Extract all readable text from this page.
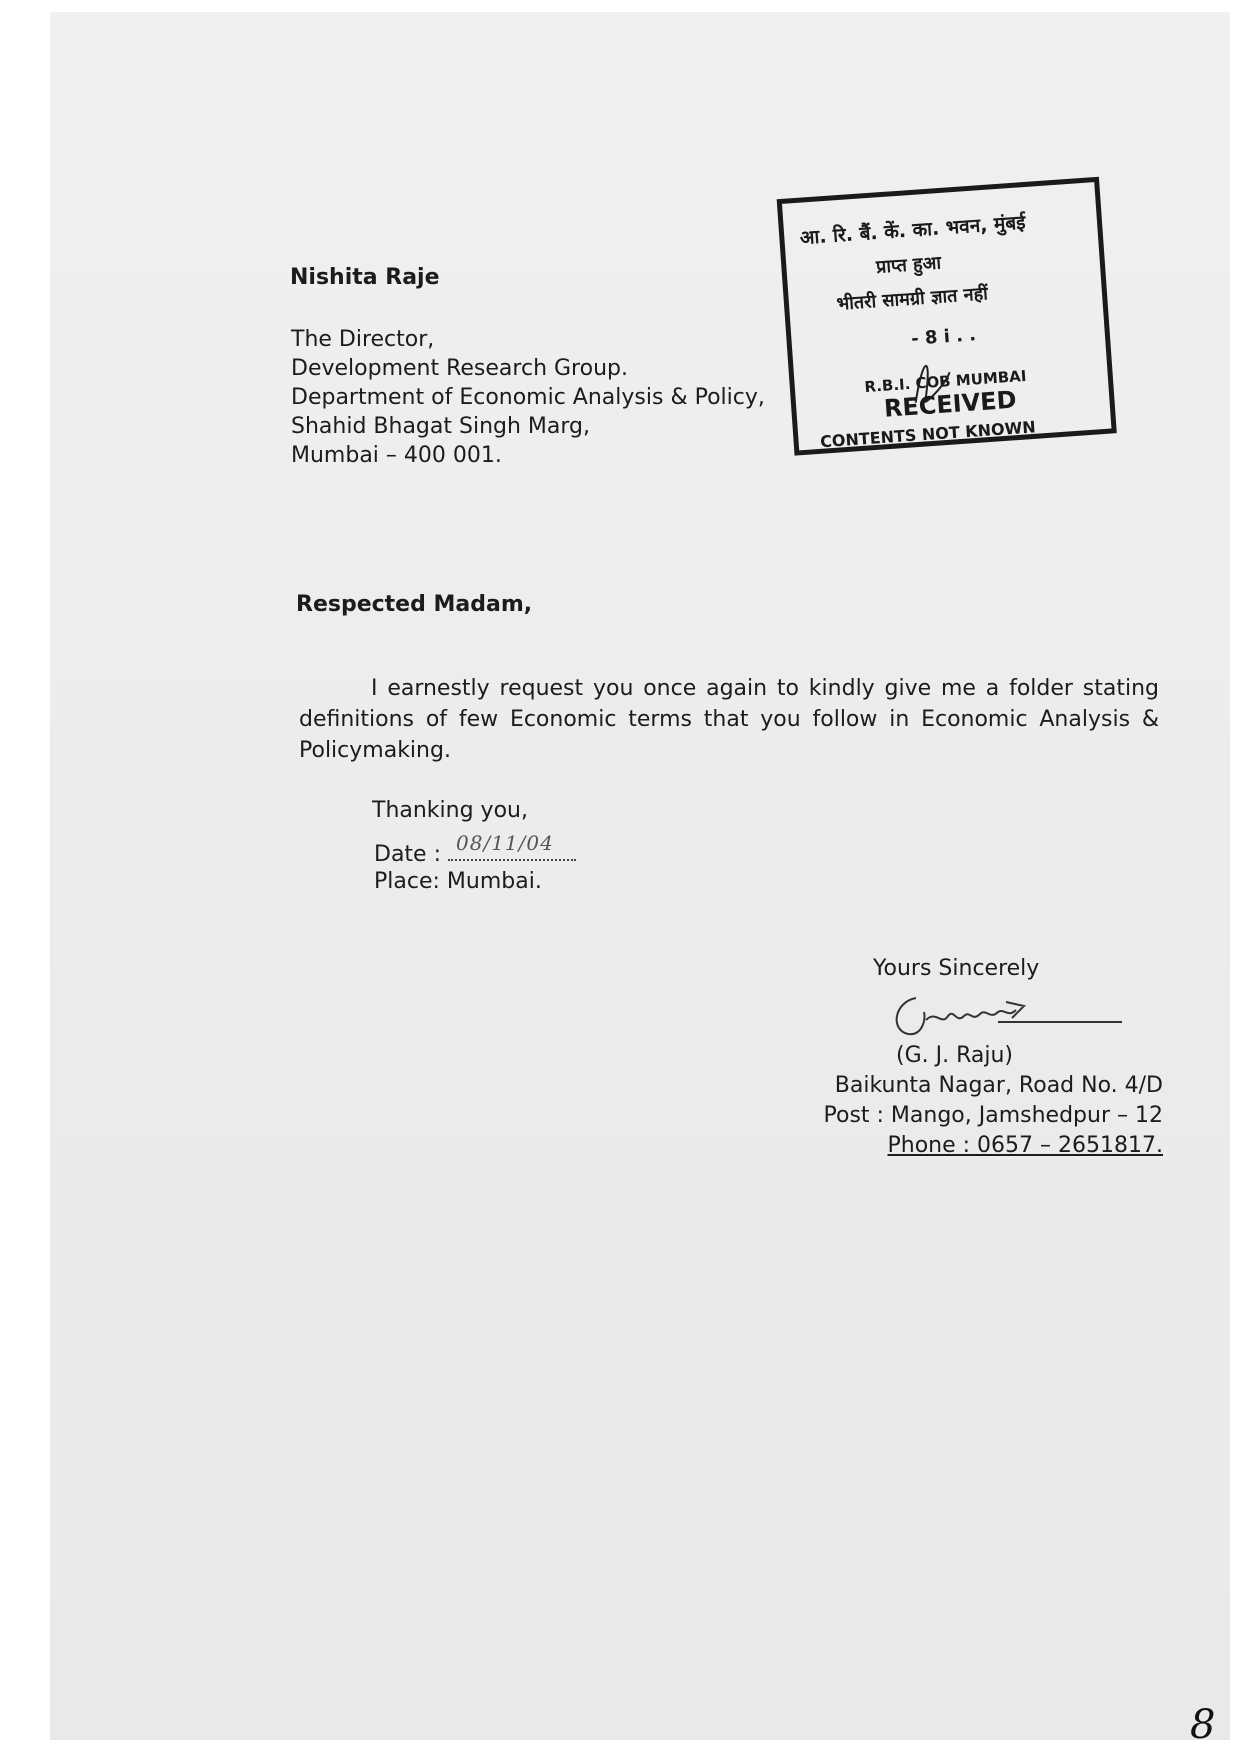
आ. रि. बैं. कें. का. भवन, मुंबई
प्राप्त हुआ
भीतरी सामग्री ज्ञात नहीं
- 8 i . .
R.B.I. COB MUMBAI
RECEIVED
CONTENTS NOT KNOWN
Nishita Raje
The Director,
Development Research Group.
Department of Economic Analysis & Policy,
Shahid Bhagat Singh Marg,
Mumbai – 400 001.
Respected Madam,
I earnestly request you once again to kindly give me a folder stating definitions of few Economic terms that you follow in Economic Analysis & Policymaking.
Thanking you,
Date : 08/11/04
Place: Mumbai.
Yours Sincerely
(G. J. Raju)
Baikunta Nagar, Road No. 4/D
Post : Mango, Jamshedpur – 12
Phone : 0657 – 2651817.
8
